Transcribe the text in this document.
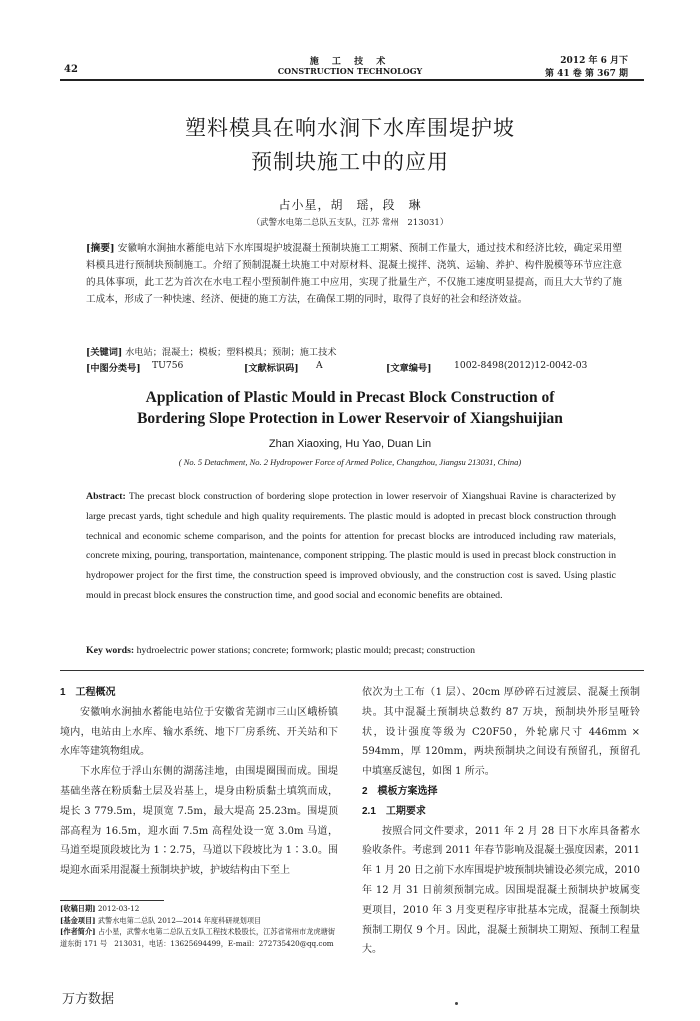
施 工 技 术
CONSTRUCTION TECHNOLOGY
42
2012 年 6 月下
第 41 卷 第 367 期
塑料模具在响水涧下水库围堤护坡
预制块施工中的应用
占小星，胡　瑶，段　琳
（武警水电第二总队五支队，江苏 常州　213031）
[摘要] 安徽响水涧抽水蓄能电站下水库围堤护坡混凝土预制块施工工期紧、预制工作量大，通过技术和经济比较，确定采用塑料模具进行预制块预制施工。介绍了预制混凝土块施工中对原材料、混凝土搅拌、浇筑、运输、养护、构件脱模等环节应注意的具体事项，此工艺为首次在水电工程小型预制件施工中应用，实现了批量生产，不仅施工速度明显提高，而且大大节约了施工成本，形成了一种快速、经济、便捷的施工方法，在确保工期的同时，取得了良好的社会和经济效益。
[关键词] 水电站；混凝土；模板；塑料模具；预制；施工技术
[中图分类号] TU756	[文献标识码] A	[文章编号] 1002-8498(2012)12-0042-03
Application of Plastic Mould in Precast Block Construction of
Bordering Slope Protection in Lower Reservoir of Xiangshuijian
Zhan Xiaoxing, Hu Yao, Duan Lin
( No. 5 Detachment, No. 2 Hydropower Force of Armed Police, Changzhou, Jiangsu 213031, China)
Abstract: The precast block construction of bordering slope protection in lower reservoir of Xiangshuai Ravine is characterized by large precast yards, tight schedule and high quality requirements. The plastic mould is adopted in precast block construction through technical and economic scheme comparison, and the points for attention for precast blocks are introduced including raw materials, concrete mixing, pouring, transportation, maintenance, component stripping. The plastic mould is used in precast block construction in hydropower project for the first time, the construction speed is improved obviously, and the construction cost is saved. Using plastic mould in precast block ensures the construction time, and good social and economic benefits are obtained.
Key words: hydroelectric power stations; concrete; formwork; plastic mould; precast; construction

1　工程概况

安徽响水涧抽水蓄能电站位于安徽省芜湖市三山区峨桥镇境内，电站由上水库、输水系统、地下厂房系统、开关站和下水库等建筑物组成。

下水库位于浮山东侧的湖荡洼地，由围堤圈围而成。围堤基础坐落在粉质黏土层及岩基上，堤身由粉质黏土填筑而成，堤长 3 779.5m，堤顶宽 7.5m，最大堤高 25.23m。围堤顶部高程为 16.5m，迎水面 7.5m 高程处设一宽 3.0m 马道，马道至堤顶段坡比为 1∶2.75，马道以下段坡比为 1∶3.0。围堤迎水面采用混凝土预制块护坡，护坡结构由下至上

依次为土工布（1 层）、20cm 厚砂碎石过渡层、混凝土预制块。其中混凝土预制块总数约 87 万块，预制块外形呈哑铃状，设计强度等级为 C20F50，外轮廓尺寸 446mm × 594mm，厚 120mm，两块预制块之间设有预留孔，预留孔中填塞反滤包，如图 1 所示。

2　模板方案选择

2.1　工期要求

按照合同文件要求，2011 年 2 月 28 日下水库具备蓄水验收条件。考虑到 2011 年春节影响及混凝土强度因素，2011 年 1 月 20 日之前下水库围堤护坡预制块铺设必须完成，2010 年 12 月 31 日前须预制完成。因围堤混凝土预制块护坡属变更项目，2010 年 3 月变更程序审批基本完成，混凝土预制块预制工期仅 9 个月。因此，混凝土预制块工期短、预制工程量大。

[收稿日期] 2012-03-12
[基金项目] 武警水电第二总队 2012—2014 年度科研规划项目
[作者简介] 占小星，武警水电第二总队五支队工程技术股股长，江苏省常州市龙虎塘街道东街 171 号　213031，电话：13625694499，E-mail：272735420@qq.com
万方数据
